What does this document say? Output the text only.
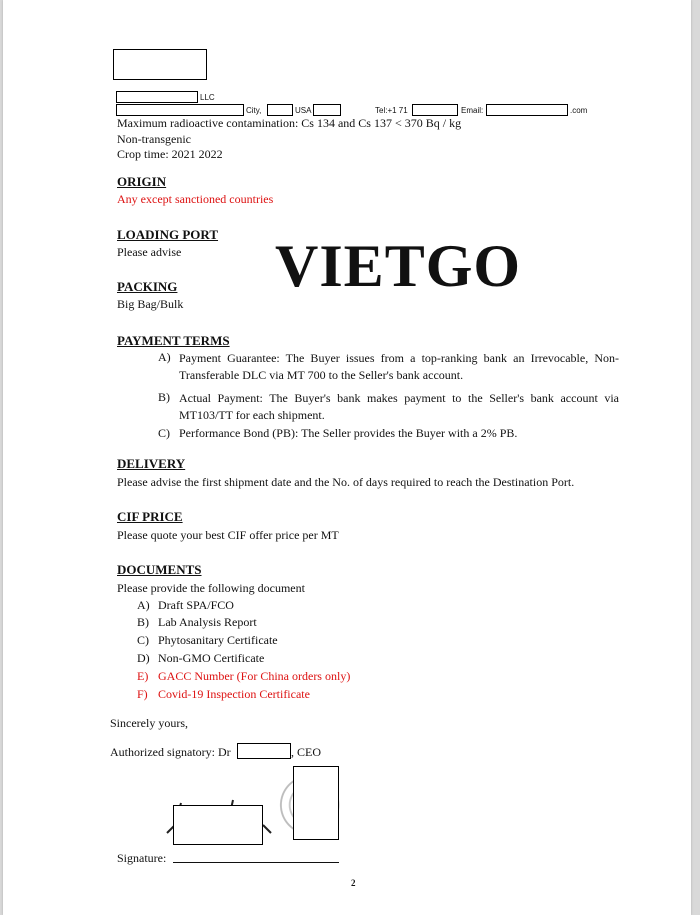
LLC
City,	USA	Tel:+1 71	Email:	.com
Maximum radioactive contamination: Cs 134 and Cs 137 < 370 Bq / kg
Non-transgenic
Crop time: 2021 2022
ORIGIN
Any except sanctioned countries
LOADING PORT
Please advise VIETGO
PACKING
Big Bag/Bulk
PAYMENT TERMS
A) Payment Guarantee: The Buyer issues from a top-ranking bank an Irrevocable, Non-Transferable DLC via MT 700 to the Seller's bank account.
B) Actual Payment: The Buyer's bank makes payment to the Seller's bank account via MT103/TT for each shipment.
C) Performance Bond (PB): The Seller provides the Buyer with a 2% PB.
DELIVERY
Please advise the first shipment date and the No. of days required to reach the Destination Port.
CIF PRICE
Please quote your best CIF offer price per MT
DOCUMENTS
Please provide the following document
A) Draft SPA/FCO
B) Lab Analysis Report
C) Phytosanitary Certificate
D) Non-GMO Certificate
E) GACC Number (For China orders only)
F) Covid-19 Inspection Certificate
Sincerely yours,
Authorized signatory: Dr	, CEO
Signature:
2
